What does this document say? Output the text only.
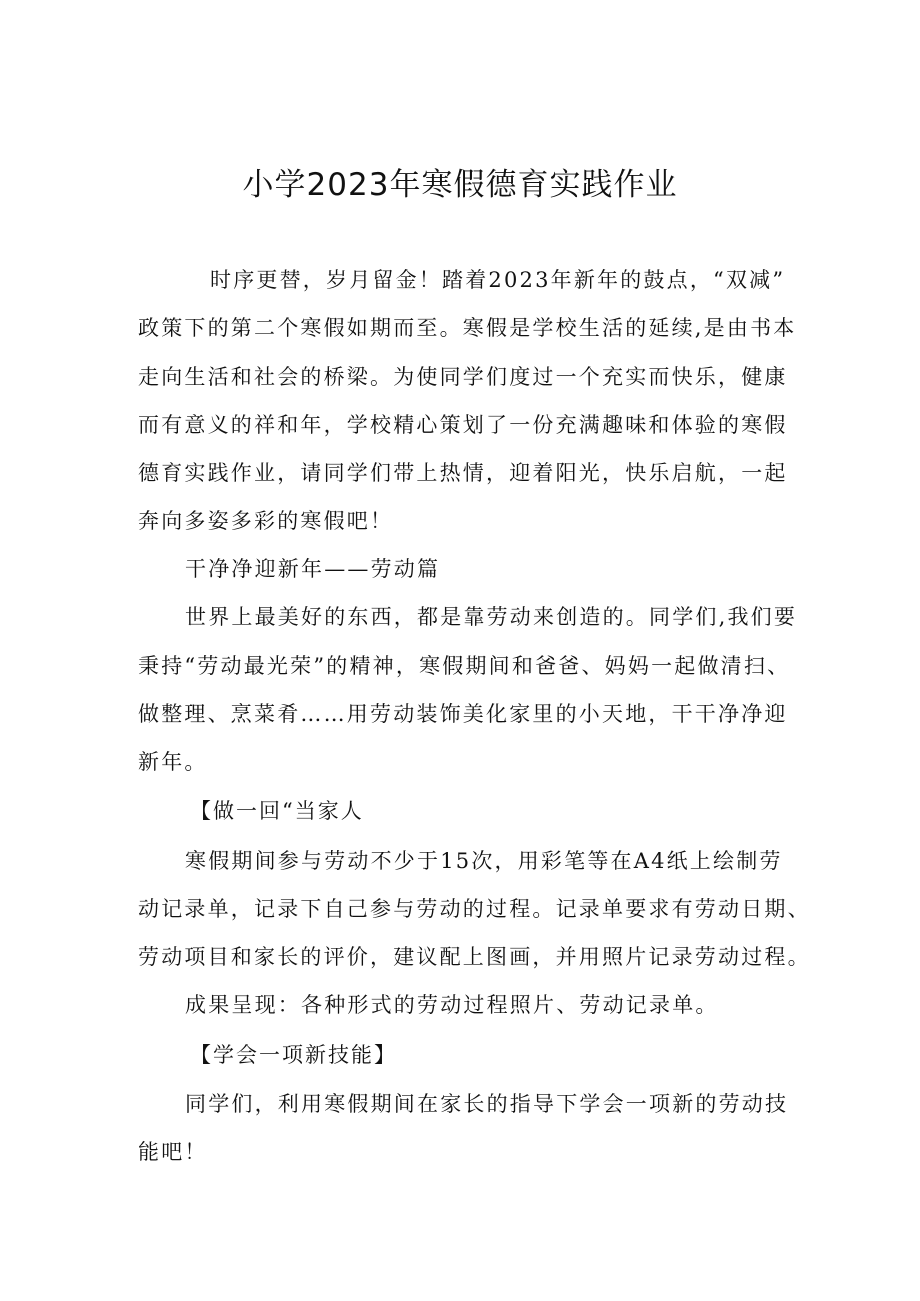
小学2023年寒假德育实践作业

时序更替，岁月留金！踏着2023年新年的鼓点，“双减”

政策下的第二个寒假如期而至。寒假是学校生活的延续,是由书本

走向生活和社会的桥梁。为使同学们度过一个充实而快乐，健康

而有意义的祥和年，学校精心策划了一份充满趣味和体验的寒假

德育实践作业，请同学们带上热情，迎着阳光，快乐启航，一起

奔向多姿多彩的寒假吧！

干净净迎新年——劳动篇

世界上最美好的东西，都是靠劳动来创造的。同学们,我们要

秉持“劳动最光荣”的精神，寒假期间和爸爸、妈妈一起做清扫、

做整理、烹菜肴……用劳动装饰美化家里的小天地，干干净净迎

新年。

【做一回“当家人

寒假期间参与劳动不少于15次，用彩笔等在A4纸上绘制劳

动记录单，记录下自己参与劳动的过程。记录单要求有劳动日期、

劳动项目和家长的评价，建议配上图画，并用照片记录劳动过程。

成果呈现：各种形式的劳动过程照片、劳动记录单。

【学会一项新技能】

同学们，利用寒假期间在家长的指导下学会一项新的劳动技

能吧！
